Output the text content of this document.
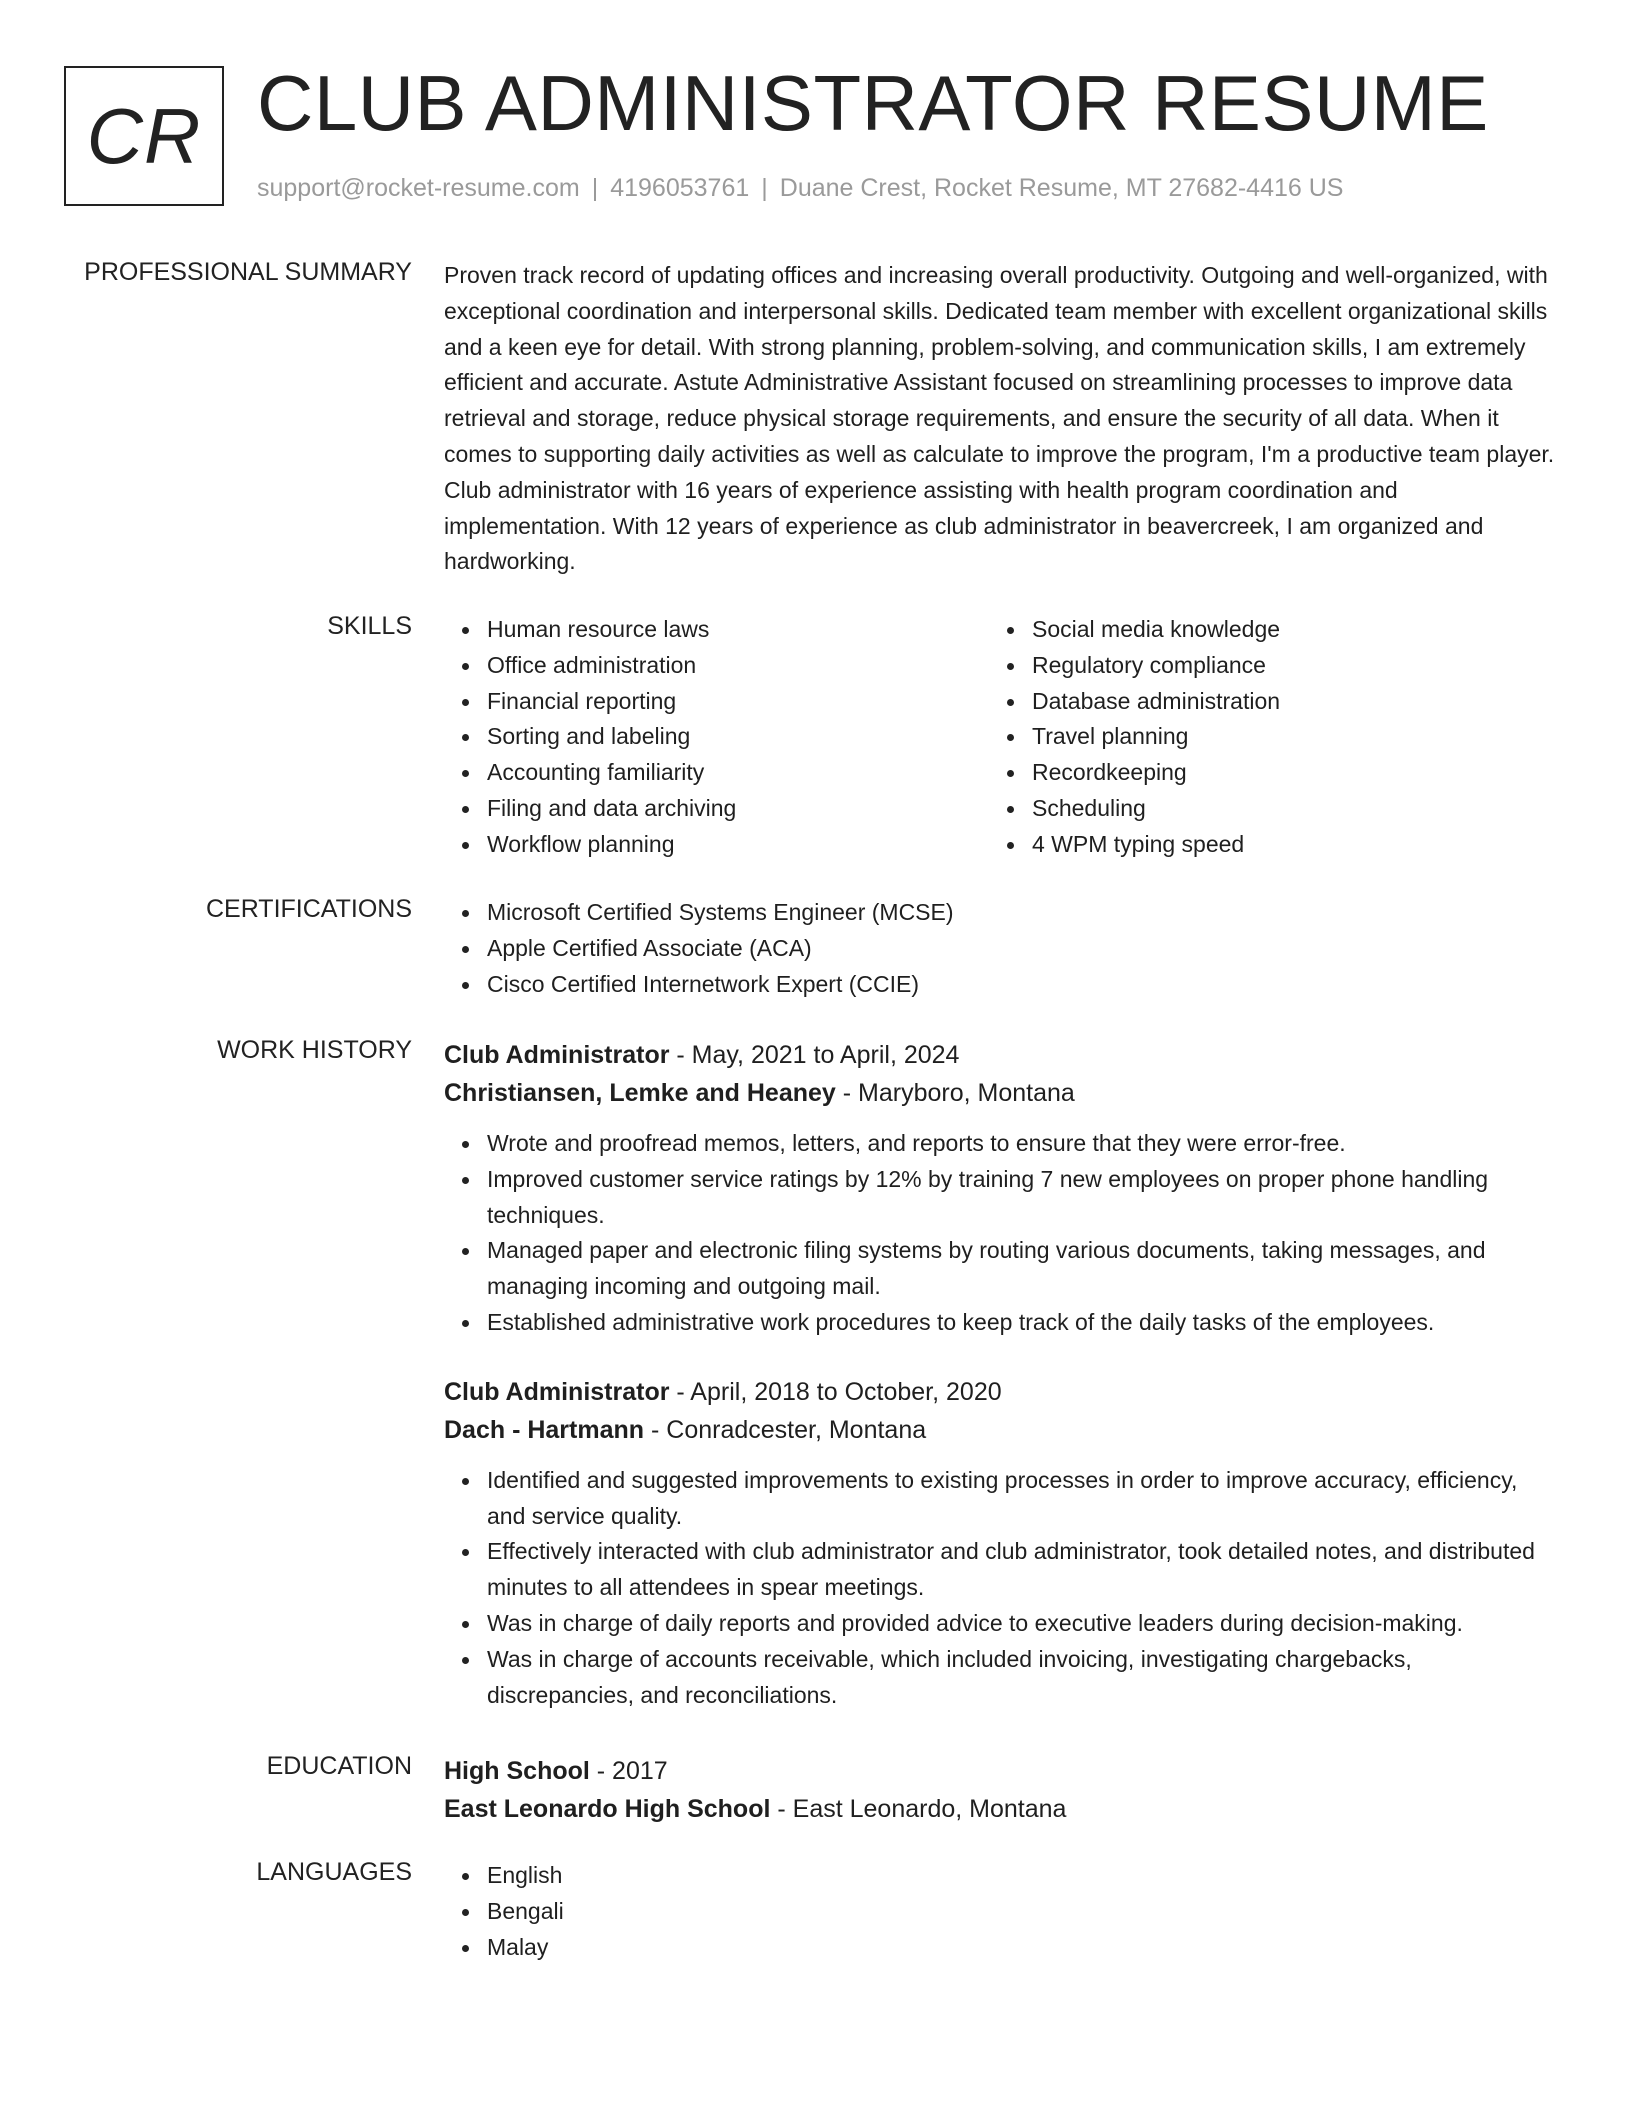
CR CLUB ADMINISTRATOR RESUME
support@rocket-resume.com | 4196053761 | Duane Crest, Rocket Resume, MT 27682-4416 US
PROFESSIONAL SUMMARY Proven track record of updating offices and increasing overall productivity. Outgoing and well-organized, with exceptional coordination and interpersonal skills. Dedicated team member with excellent organizational skills and a keen eye for detail. With strong planning, problem-solving, and communication skills, I am extremely efficient and accurate. Astute Administrative Assistant focused on streamlining processes to improve data retrieval and storage, reduce physical storage requirements, and ensure the security of all data. When it comes to supporting daily activities as well as calculate to improve the program, I'm a productive team player. Club administrator with 16 years of experience assisting with health program coordination and implementation. With 12 years of experience as club administrator in beavercreek, I am organized and hardworking.
SKILLS	Human resource laws
Office administration
Financial reporting
Sorting and labeling
Accounting familiarity
Filing and data archiving
Workflow planning
Social media knowledge
Regulatory compliance
Database administration
Travel planning
Recordkeeping
Scheduling
4 WPM typing speed
CERTIFICATIONS	Microsoft Certified Systems Engineer (MCSE)
Apple Certified Associate (ACA)
Cisco Certified Internetwork Expert (CCIE)
WORK HISTORY Club Administrator - May, 2021 to April, 2024
Christiansen, Lemke and Heaney - Maryboro, Montana
Wrote and proofread memos, letters, and reports to ensure that they were error-free.
Improved customer service ratings by 12% by training 7 new employees on proper phone handling techniques.
Managed paper and electronic filing systems by routing various documents, taking messages, and managing incoming and outgoing mail.
Established administrative work procedures to keep track of the daily tasks of the employees.
Club Administrator - April, 2018 to October, 2020
Dach - Hartmann - Conradcester, Montana
Identified and suggested improvements to existing processes in order to improve accuracy, efficiency, and service quality.
Effectively interacted with club administrator and club administrator, took detailed notes, and distributed minutes to all attendees in spear meetings.
Was in charge of daily reports and provided advice to executive leaders during decision-making.
Was in charge of accounts receivable, which included invoicing, investigating chargebacks, discrepancies, and reconciliations.
EDUCATION High School - 2017
East Leonardo High School - East Leonardo, Montana
LANGUAGES	English
Bengali
Malay
